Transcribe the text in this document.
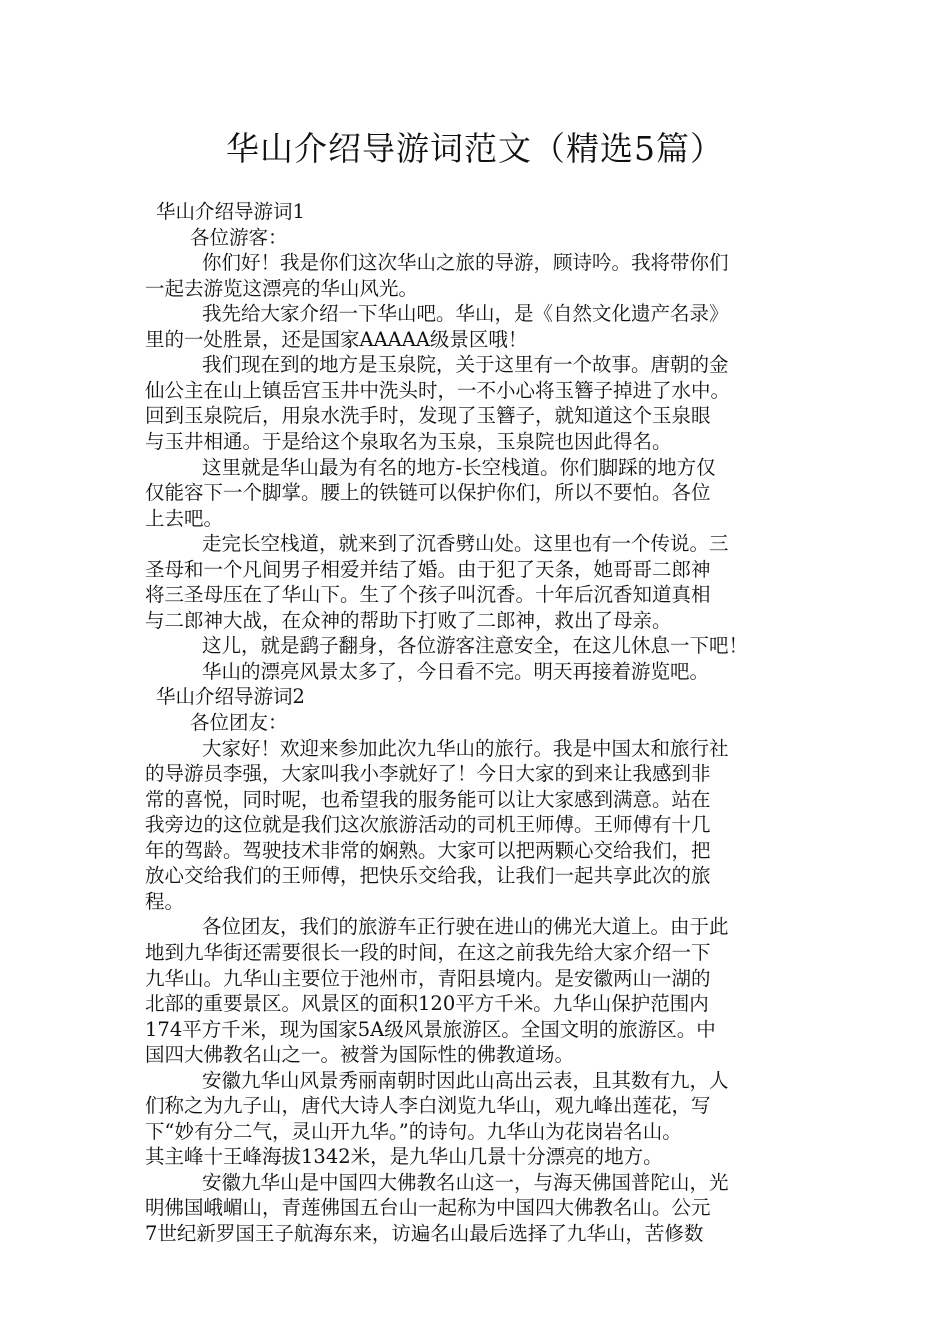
华山介绍导游词范文（精选5篇）
华山介绍导游词1
各位游客：
你们好！我是你们这次华山之旅的导游，顾诗吟。我将带你们
一起去游览这漂亮的华山风光。
我先给大家介绍一下华山吧。华山，是《自然文化遗产名录》
里的一处胜景，还是国家AAAAA级景区哦！
我们现在到的地方是玉泉院，关于这里有一个故事。唐朝的金
仙公主在山上镇岳宫玉井中洗头时，一不小心将玉簪子掉进了水中。
回到玉泉院后，用泉水洗手时，发现了玉簪子，就知道这个玉泉眼
与玉井相通。于是给这个泉取名为玉泉，玉泉院也因此得名。
这里就是华山最为有名的地方-长空栈道。你们脚踩的地方仅
仅能容下一个脚掌。腰上的铁链可以保护你们，所以不要怕。各位
上去吧。
走完长空栈道，就来到了沉香劈山处。这里也有一个传说。三
圣母和一个凡间男子相爱并结了婚。由于犯了天条，她哥哥二郎神
将三圣母压在了华山下。生了个孩子叫沉香。十年后沉香知道真相
与二郎神大战，在众神的帮助下打败了二郎神，救出了母亲。
这儿，就是鹞子翻身，各位游客注意安全，在这儿休息一下吧！
华山的漂亮风景太多了，今日看不完。明天再接着游览吧。
华山介绍导游词2
各位团友：
大家好！欢迎来参加此次九华山的旅行。我是中国太和旅行社
的导游员李强，大家叫我小李就好了！今日大家的到来让我感到非
常的喜悦，同时呢，也希望我的服务能可以让大家感到满意。站在
我旁边的这位就是我们这次旅游活动的司机王师傅。王师傅有十几
年的驾龄。驾驶技术非常的娴熟。大家可以把两颗心交给我们，把
放心交给我们的王师傅，把快乐交给我，让我们一起共享此次的旅
程。
各位团友，我们的旅游车正行驶在进山的佛光大道上。由于此
地到九华街还需要很长一段的时间，在这之前我先给大家介绍一下
九华山。九华山主要位于池州市，青阳县境内。是安徽两山一湖的
北部的重要景区。风景区的面积120平方千米。九华山保护范围内
174平方千米，现为国家5A级风景旅游区。全国文明的旅游区。中
国四大佛教名山之一。被誉为国际性的佛教道场。
安徽九华山风景秀丽南朝时因此山高出云表，且其数有九，人
们称之为九子山，唐代大诗人李白浏览九华山，观九峰出莲花，写
下“妙有分二气，灵山开九华。”的诗句。九华山为花岗岩名山。
其主峰十王峰海拔1342米，是九华山几景十分漂亮的地方。
安徽九华山是中国四大佛教名山这一，与海天佛国普陀山，光
明佛国峨嵋山，青莲佛国五台山一起称为中国四大佛教名山。公元
7世纪新罗国王子航海东来，访遍名山最后选择了九华山，苦修数
